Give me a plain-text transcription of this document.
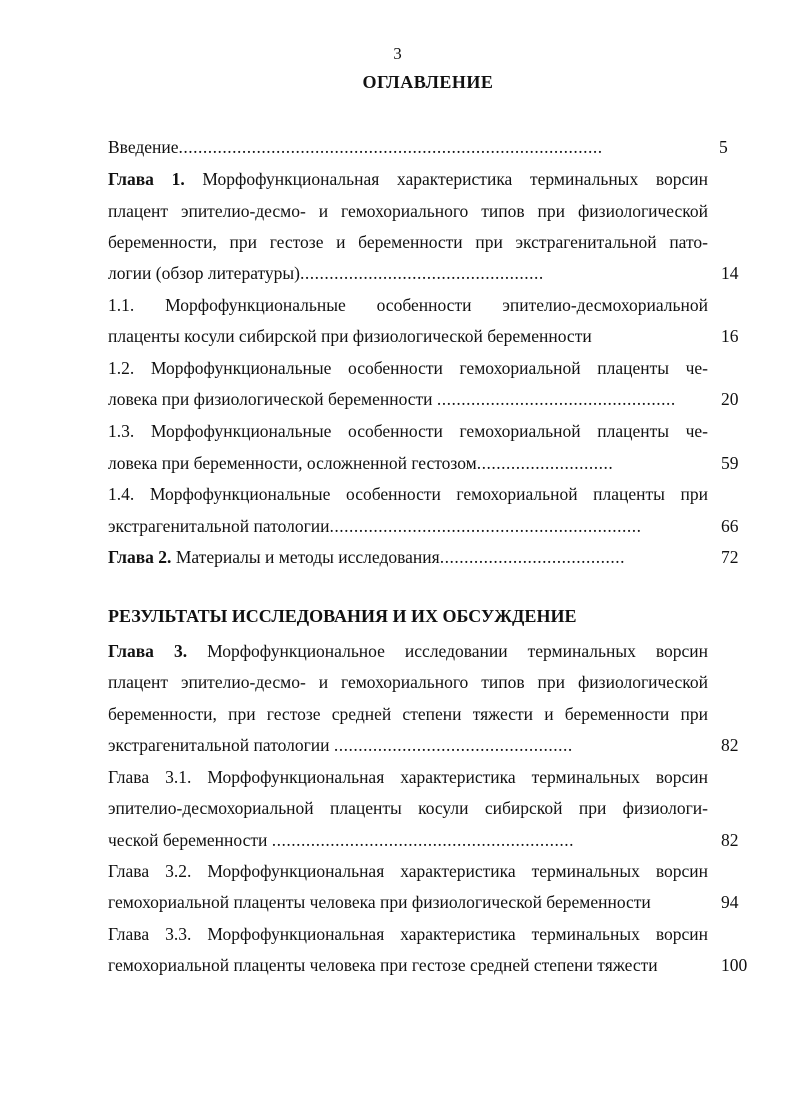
3
ОГЛАВЛЕНИЕ
Введение.......................................................................................	5
Глава 1. Морфофункциональная характеристика терминальных ворсин
плацент эпителио-десмо- и гемохориального типов при физиологической
беременности, при гестозе и беременности при экстрагенитальной пато-
логии (обзор литературы)..................................................	14
1.1. Морфофункциональные особенности эпителио-десмохориальной
плаценты косули сибирской при физиологической беременности	16
1.2. Морфофункциональные особенности гемохориальной плаценты че-
ловека при физиологической беременности .................................................	20
1.3. Морфофункциональные особенности гемохориальной плаценты че-
ловека при беременности, осложненной гестозом............................	59
1.4. Морфофункциональные особенности гемохориальной плаценты при
экстрагенитальной патологии................................................................	66
Глава 2. Материалы и методы исследования......................................	72
РЕЗУЛЬТАТЫ ИССЛЕДОВАНИЯ И ИХ ОБСУЖДЕНИЕ
Глава 3. Морфофункциональное исследовании терминальных ворсин
плацент эпителио-десмо- и гемохориального типов при физиологической
беременности, при гестозе средней степени тяжести и беременности при
экстрагенитальной патологии .................................................	82
Глава 3.1. Морфофункциональная характеристика терминальных ворсин
эпителио-десмохориальной плаценты косули сибирской при физиологи-
ческой беременности ..............................................................	82
Глава 3.2. Морфофункциональная характеристика терминальных ворсин
гемохориальной плаценты человека при физиологической беременности	94
Глава 3.3. Морфофункциональная характеристика терминальных ворсин
гемохориальной плаценты человека при гестозе средней степени тяжести	100
